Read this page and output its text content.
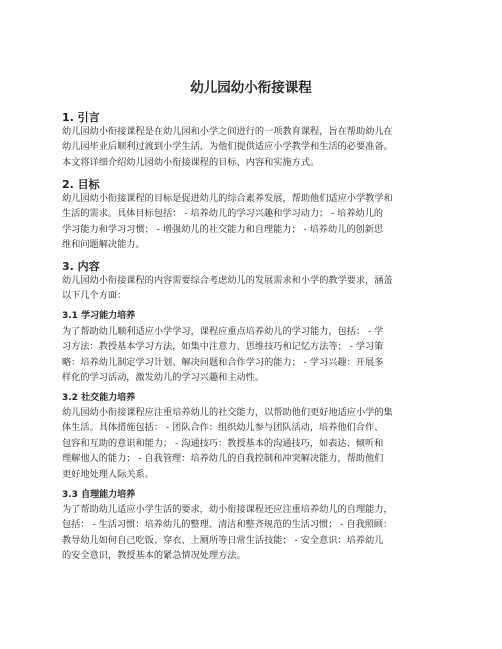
幼儿园幼小衔接课程
1. 引言

幼儿园幼小衔接课程是在幼儿园和小学之间进行的一项教育课程，旨在帮助幼儿在
幼儿园毕业后顺利过渡到小学生活，为他们提供适应小学教学和生活的必要准备。
本文将详细介绍幼儿园幼小衔接课程的目标、内容和实施方式。

2. 目标

幼儿园幼小衔接课程的目标是促进幼儿的综合素养发展，帮助他们适应小学教学和
生活的需求。具体目标包括： - 培养幼儿的学习兴趣和学习动力； - 培养幼儿的
学习能力和学习习惯； - 增强幼儿的社交能力和自理能力； - 培养幼儿的创新思
维和问题解决能力。

3. 内容

幼儿园幼小衔接课程的内容需要综合考虑幼儿的发展需求和小学的教学要求，涵盖
以下几个方面：

3.1 学习能力培养

为了帮助幼儿顺利适应小学学习，课程应重点培养幼儿的学习能力，包括： - 学
习方法：教授基本学习方法，如集中注意力、思维技巧和记忆方法等； - 学习策
略：培养幼儿制定学习计划、解决问题和合作学习的能力； - 学习兴趣：开展多
样化的学习活动，激发幼儿的学习兴趣和主动性。

3.2 社交能力培养

幼儿园幼小衔接课程应注重培养幼儿的社交能力，以帮助他们更好地适应小学的集
体生活。具体措施包括： - 团队合作：组织幼儿参与团队活动，培养他们合作、
包容和互助的意识和能力； - 沟通技巧：教授基本的沟通技巧，如表达、倾听和
理解他人的能力； - 自我管理：培养幼儿的自我控制和冲突解决能力，帮助他们
更好地处理人际关系。

3.3 自理能力培养

为了帮助幼儿适应小学生活的要求，幼小衔接课程还应注重培养幼儿的自理能力，
包括： - 生活习惯：培养幼儿的整理、清洁和整齐规范的生活习惯； - 自我照顾：
教导幼儿如何自己吃饭、穿衣、上厕所等日常生活技能； - 安全意识：培养幼儿
的安全意识，教授基本的紧急情况处理方法。
